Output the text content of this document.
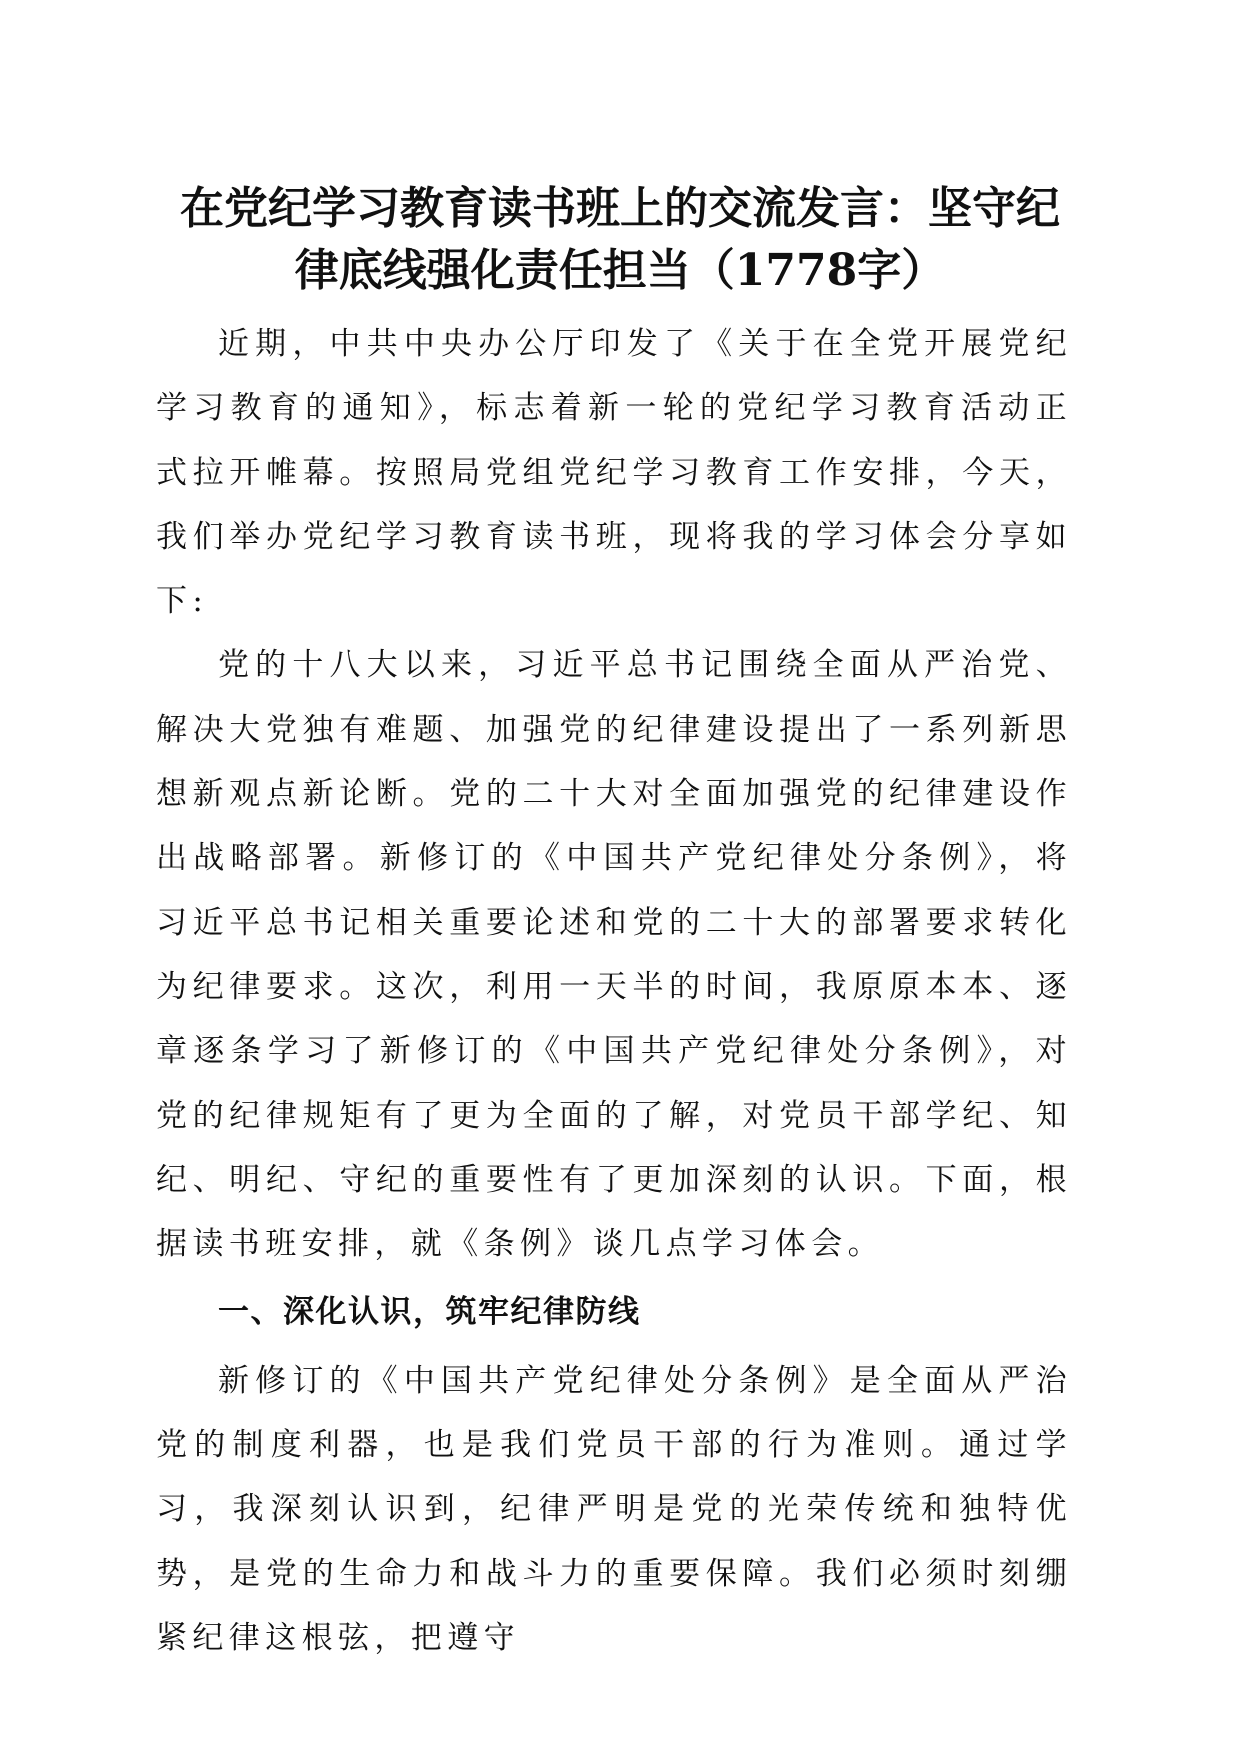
在党纪学习教育读书班上的交流发言：坚守纪
律底线强化责任担当（1778字）

近期，中共中央办公厅印发了《关于在全党开展党纪学习教育的通知》，标志着新一轮的党纪学习教育活动正式拉开帷幕。按照局党组党纪学习教育工作安排，今天，我们举办党纪学习教育读书班，现将我的学习体会分享如下:

党的十八大以来，习近平总书记围绕全面从严治党、解决大党独有难题、加强党的纪律建设提出了一系列新思想新观点新论断。党的二十大对全面加强党的纪律建设作出战略部署。新修订的《中国共产党纪律处分条例》，将习近平总书记相关重要论述和党的二十大的部署要求转化为纪律要求。这次，利用一天半的时间，我原原本本、逐章逐条学习了新修订的《中国共产党纪律处分条例》，对党的纪律规矩有了更为全面的了解，对党员干部学纪、知纪、明纪、守纪的重要性有了更加深刻的认识。下面，根据读书班安排，就《条例》谈几点学习体会。

一、深化认识，筑牢纪律防线

新修订的《中国共产党纪律处分条例》是全面从严治党的制度利器，也是我们党员干部的行为准则。通过学习，我深刻认识到，纪律严明是党的光荣传统和独特优势，是党的生命力和战斗力的重要保障。我们必须时刻绷紧纪律这根弦，把遵守
